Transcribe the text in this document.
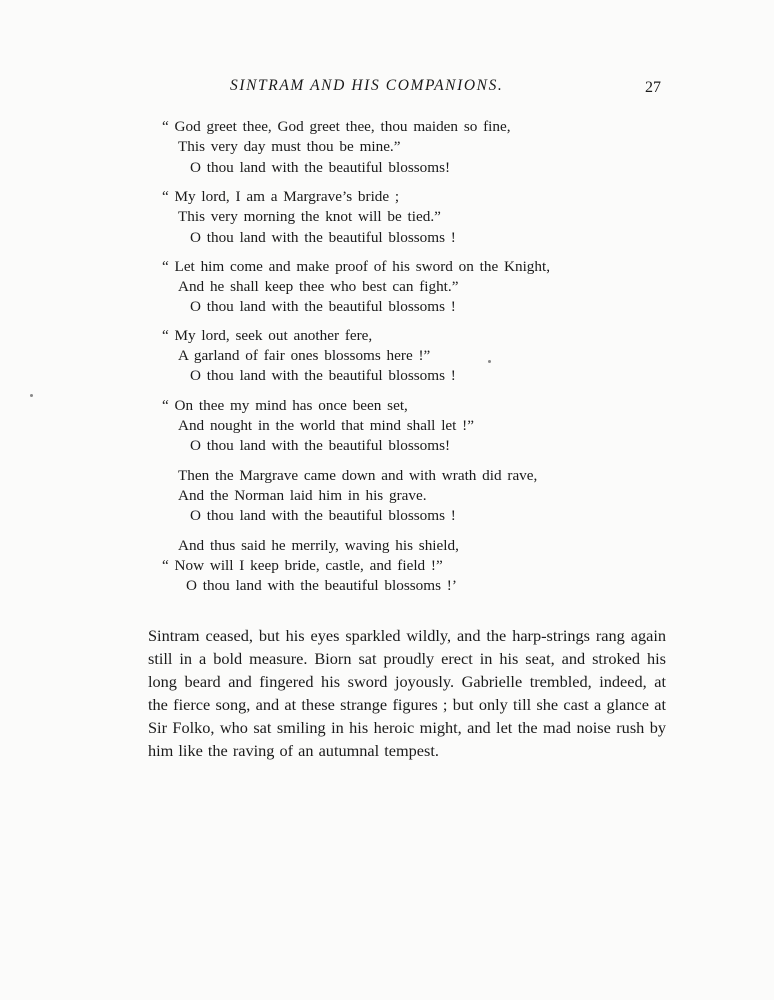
SINTRAM AND HIS COMPANIONS.	27
“ God greet thee, God greet thee, thou maiden so fine,
This very day must thou be mine.”
O thou land with the beautiful blossoms!
“ My lord, I am a Margrave’s bride ;
This very morning the knot will be tied.”
O thou land with the beautiful blossoms !
“ Let him come and make proof of his sword on the Knight,
And he shall keep thee who best can fight.”
O thou land with the beautiful blossoms !
“ My lord, seek out another fere,
A garland of fair ones blossoms here !”
O thou land with the beautiful blossoms !
“ On thee my mind has once been set,
And nought in the world that mind shall let !”
O thou land with the beautiful blossoms!
Then the Margrave came down and with wrath did rave,
And the Norman laid him in his grave.
O thou land with the beautiful blossoms !
And thus said he merrily, waving his shield,
“ Now will I keep bride, castle, and field !”
O thou land with the beautiful blossoms !’

Sintram ceased, but his eyes sparkled wildly, and the harp-strings rang again still in a bold measure. Biorn sat proudly erect in his seat, and stroked his long beard and fingered his sword joyously. Gabrielle trembled, indeed, at the fierce song, and at these strange figures ; but only till she cast a glance at Sir Folko, who sat smiling in his heroic might, and let the mad noise rush by him like the raving of an autumnal tempest.
